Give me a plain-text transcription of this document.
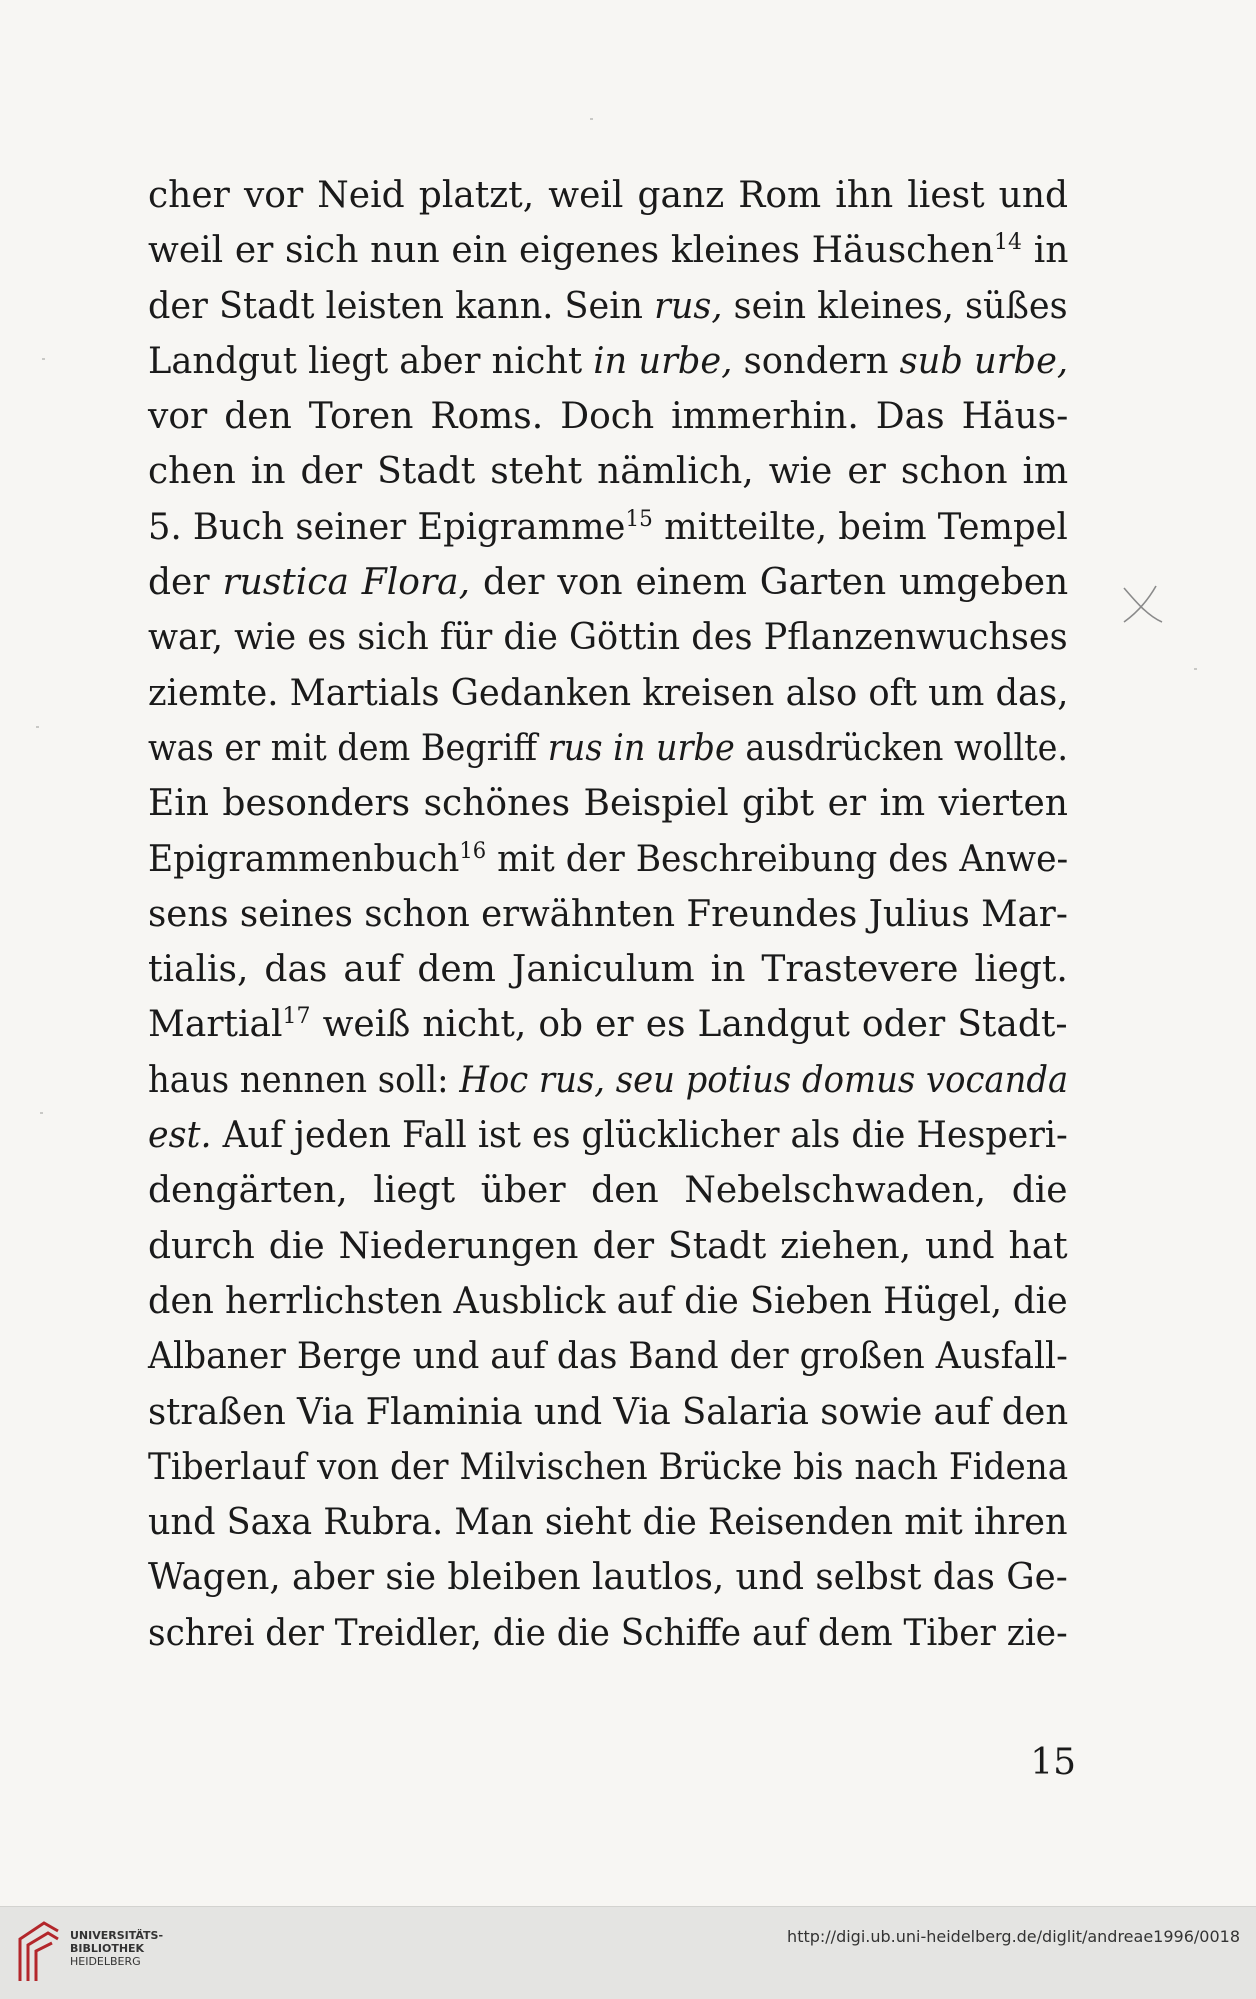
cher vor Neid platzt, weil ganz Rom ihn liest und
weil er sich nun ein eigenes kleines Häuschen$^{14}$ in
der Stadt leisten kann. Sein rus, sein kleines, süßes
Landgut liegt aber nicht in urbe, sondern sub urbe,
vor den Toren Roms. Doch immerhin. Das Häus-
chen in der Stadt steht nämlich, wie er schon im
5. Buch seiner Epigramme$^{15}$ mitteilte, beim Tempel
der rustica Flora, der von einem Garten umgeben
war, wie es sich für die Göttin des Pflanzenwuchses
ziemte. Martials Gedanken kreisen also oft um das,
was er mit dem Begriff rus in urbe ausdrücken wollte.
Ein besonders schönes Beispiel gibt er im vierten
Epigrammenbuch$^{16}$ mit der Beschreibung des Anwe-
sens seines schon erwähnten Freundes Julius Mar-
tialis, das auf dem Janiculum in Trastevere liegt.
Martial$^{17}$ weiß nicht, ob er es Landgut oder Stadt-
haus nennen soll: Hoc rus, seu potius domus vocanda
est. Auf jeden Fall ist es glücklicher als die Hesperi-
dengärten, liegt über den Nebelschwaden, die
durch die Niederungen der Stadt ziehen, und hat
den herrlichsten Ausblick auf die Sieben Hügel, die
Albaner Berge und auf das Band der großen Ausfall-
straßen Via Flaminia und Via Salaria sowie auf den
Tiberlauf von der Milvischen Brücke bis nach Fidena
und Saxa Rubra. Man sieht die Reisenden mit ihren
Wagen, aber sie bleiben lautlos, und selbst das Ge-
schrei der Treidler, die die Schiffe auf dem Tiber zie-
15
UNIVERSITÄTS-
BIBLIOTHEK
HEIDELBERG
http://digi.ub.uni-heidelberg.de/diglit/andreae1996/0018
